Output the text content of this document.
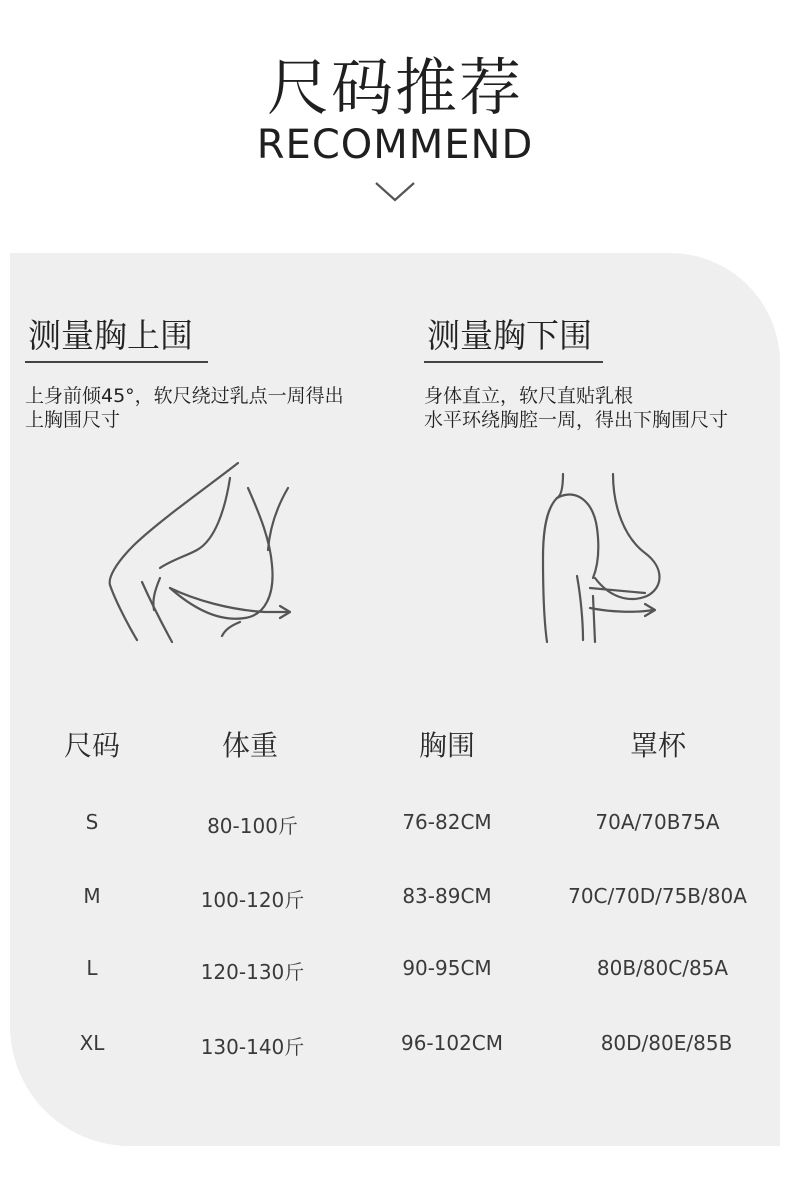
尺码推荐
RECOMMEND
测量胸上围
上身前倾45°，软尺绕过乳点一周得出
上胸围尺寸
测量胸下围
身体直立，软尺直贴乳根
水平环绕胸腔一周，得出下胸围尺寸
尺码	体重	胸围	罩杯
S	80-100斤	76-82CM	70A/70B75A
M	100-120斤	83-89CM	70C/70D/75B/80A
L	120-130斤	90-95CM	80B/80C/85A
XL	130-140斤	96-102CM	80D/80E/85B
